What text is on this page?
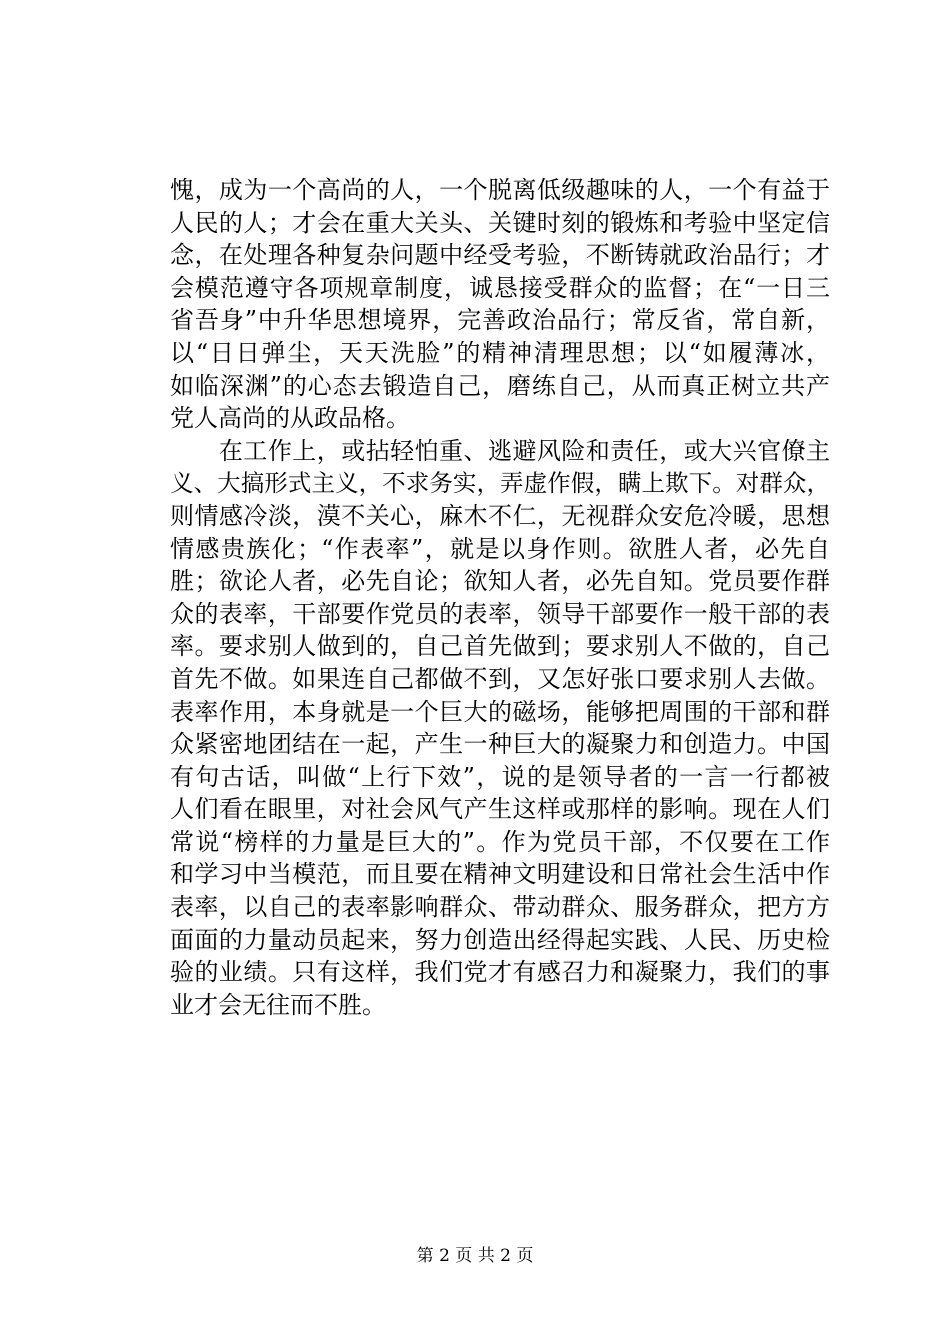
愧，成为一个高尚的人，一个脱离低级趣味的人，一个有益于
人民的人；才会在重大关头、关键时刻的锻炼和考验中坚定信
念，在处理各种复杂问题中经受考验，不断铸就政治品行；才
会模范遵守各项规章制度，诚恳接受群众的监督；在“一日三
省吾身”中升华思想境界，完善政治品行；常反省，常自新，
以“日日弹尘，天天洗脸”的精神清理思想；以“如履薄冰，
如临深渊”的心态去锻造自己，磨练自己，从而真正树立共产
党人高尚的从政品格。
　　在工作上，或拈轻怕重、逃避风险和责任，或大兴官僚主
义、大搞形式主义，不求务实，弄虚作假，瞒上欺下。对群众，
则情感冷淡，漠不关心，麻木不仁，无视群众安危冷暖，思想
情感贵族化；“作表率”，就是以身作则。欲胜人者，必先自
胜；欲论人者，必先自论；欲知人者，必先自知。党员要作群
众的表率，干部要作党员的表率，领导干部要作一般干部的表
率。要求别人做到的，自己首先做到；要求别人不做的，自己
首先不做。如果连自己都做不到，又怎好张口要求别人去做。
表率作用，本身就是一个巨大的磁场，能够把周围的干部和群
众紧密地团结在一起，产生一种巨大的凝聚力和创造力。中国
有句古话，叫做“上行下效”，说的是领导者的一言一行都被
人们看在眼里，对社会风气产生这样或那样的影响。现在人们
常说“榜样的力量是巨大的”。作为党员干部，不仅要在工作
和学习中当模范，而且要在精神文明建设和日常社会生活中作
表率，以自己的表率影响群众、带动群众、服务群众，把方方
面面的力量动员起来，努力创造出经得起实践、人民、历史检
验的业绩。只有这样，我们党才有感召力和凝聚力，我们的事
业才会无往而不胜。
第 2 页 共 2 页
